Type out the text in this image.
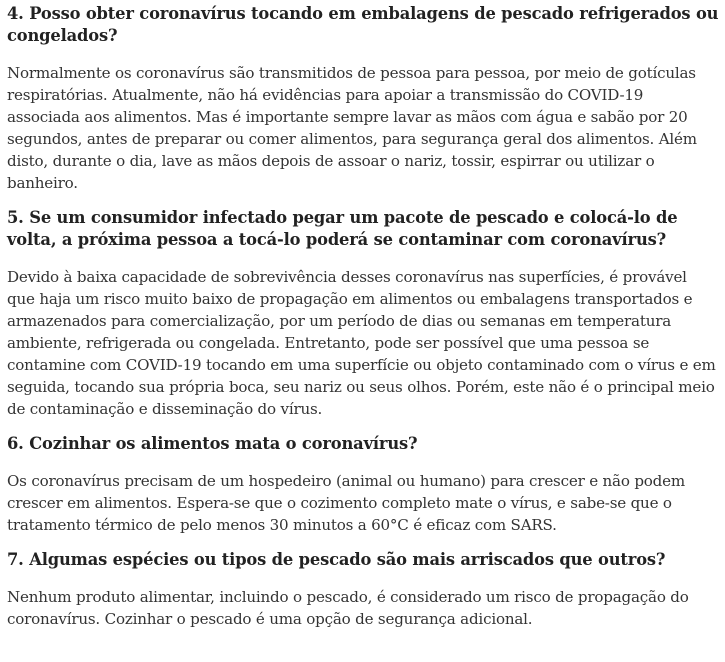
4. Posso obter coronavírus tocando em embalagens de pescado refrigerados ou congelados?

Normalmente os coronavírus são transmitidos de pessoa para pessoa, por meio de gotículas respiratórias. Atualmente, não há evidências para apoiar a transmissão do COVID-19 associada aos alimentos. Mas é importante sempre lavar as mãos com água e sabão por 20 segundos, antes de preparar ou comer alimentos, para segurança geral dos alimentos. Além disto, durante o dia, lave as mãos depois de assoar o nariz, tossir, espirrar ou utilizar o banheiro.

5. Se um consumidor infectado pegar um pacote de pescado e colocá-lo de volta, a próxima pessoa a tocá-lo poderá se contaminar com coronavírus?

Devido à baixa capacidade de sobrevivência desses coronavírus nas superfícies, é provável que haja um risco muito baixo de propagação em alimentos ou embalagens transportados e armazenados para comercialização, por um período de dias ou semanas em temperatura ambiente, refrigerada ou congelada. Entretanto, pode ser possível que uma pessoa se contamine com COVID-19 tocando em uma superfície ou objeto contaminado com o vírus e em seguida, tocando sua própria boca, seu nariz ou seus olhos. Porém, este não é o principal meio de contaminação e disseminação do vírus.

6. Cozinhar os alimentos mata o coronavírus?

Os coronavírus precisam de um hospedeiro (animal ou humano) para crescer e não podem crescer em alimentos. Espera-se que o cozimento completo mate o vírus, e sabe-se que o tratamento térmico de pelo menos 30 minutos a 60°C é eficaz com SARS.

7. Algumas espécies ou tipos de pescado são mais arriscados que outros?

Nenhum produto alimentar, incluindo o pescado, é considerado um risco de propagação do coronavírus. Cozinhar o pescado é uma opção de segurança adicional.
